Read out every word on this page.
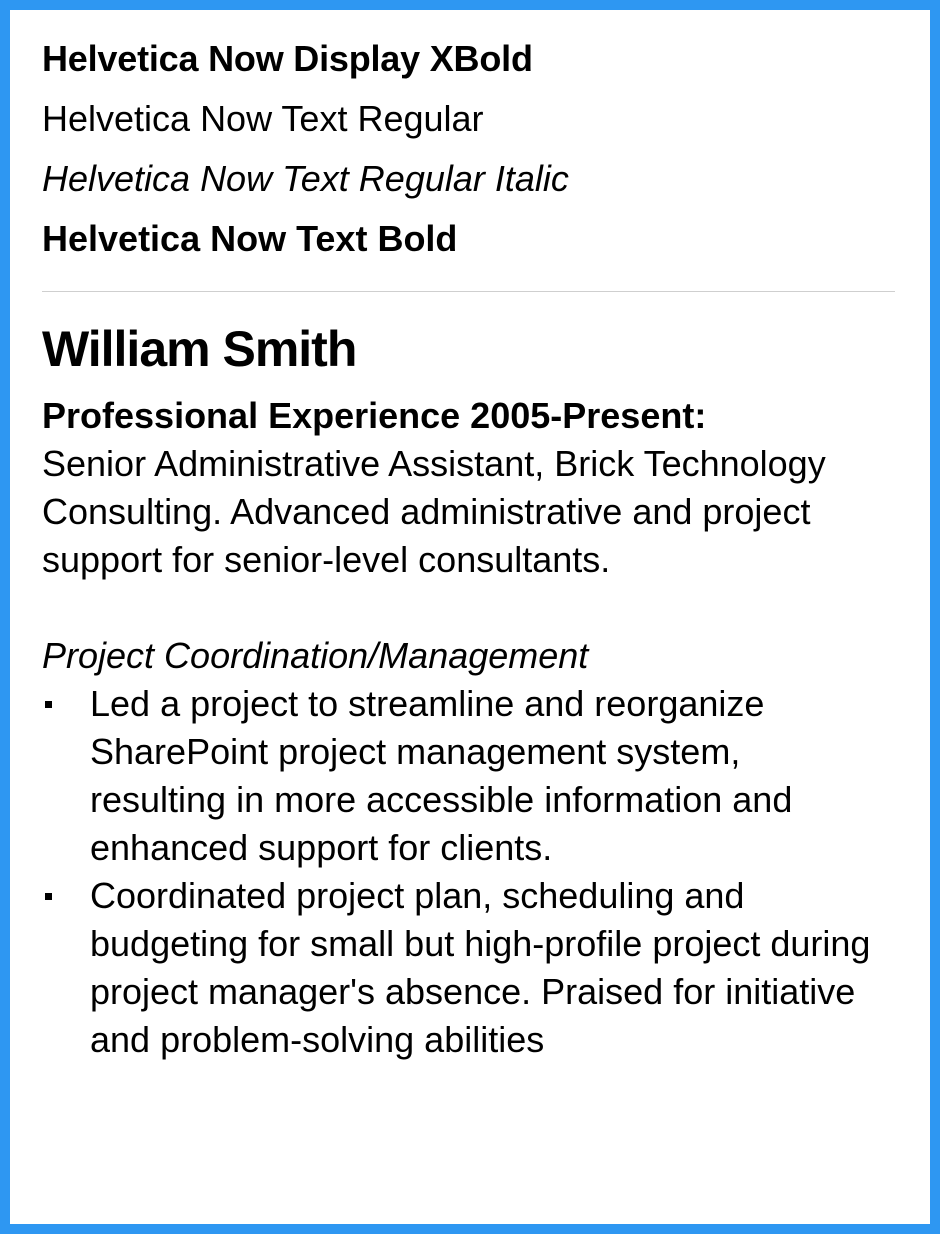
Helvetica Now Display XBold
Helvetica Now Text Regular
Helvetica Now Text Regular Italic
Helvetica Now Text Bold
William Smith
Professional Experience 2005-Present:
Senior Administrative Assistant, Brick Technology Consulting. Advanced administrative and project support for senior-level consultants.
Project Coordination/Management
Led a project to streamline and reorganize SharePoint project management system, resulting in more accessible information and enhanced support for clients.
Coordinated project plan, scheduling and budgeting for small but high-profile project during project manager's absence. Praised for initiative and problem-solving abilities
